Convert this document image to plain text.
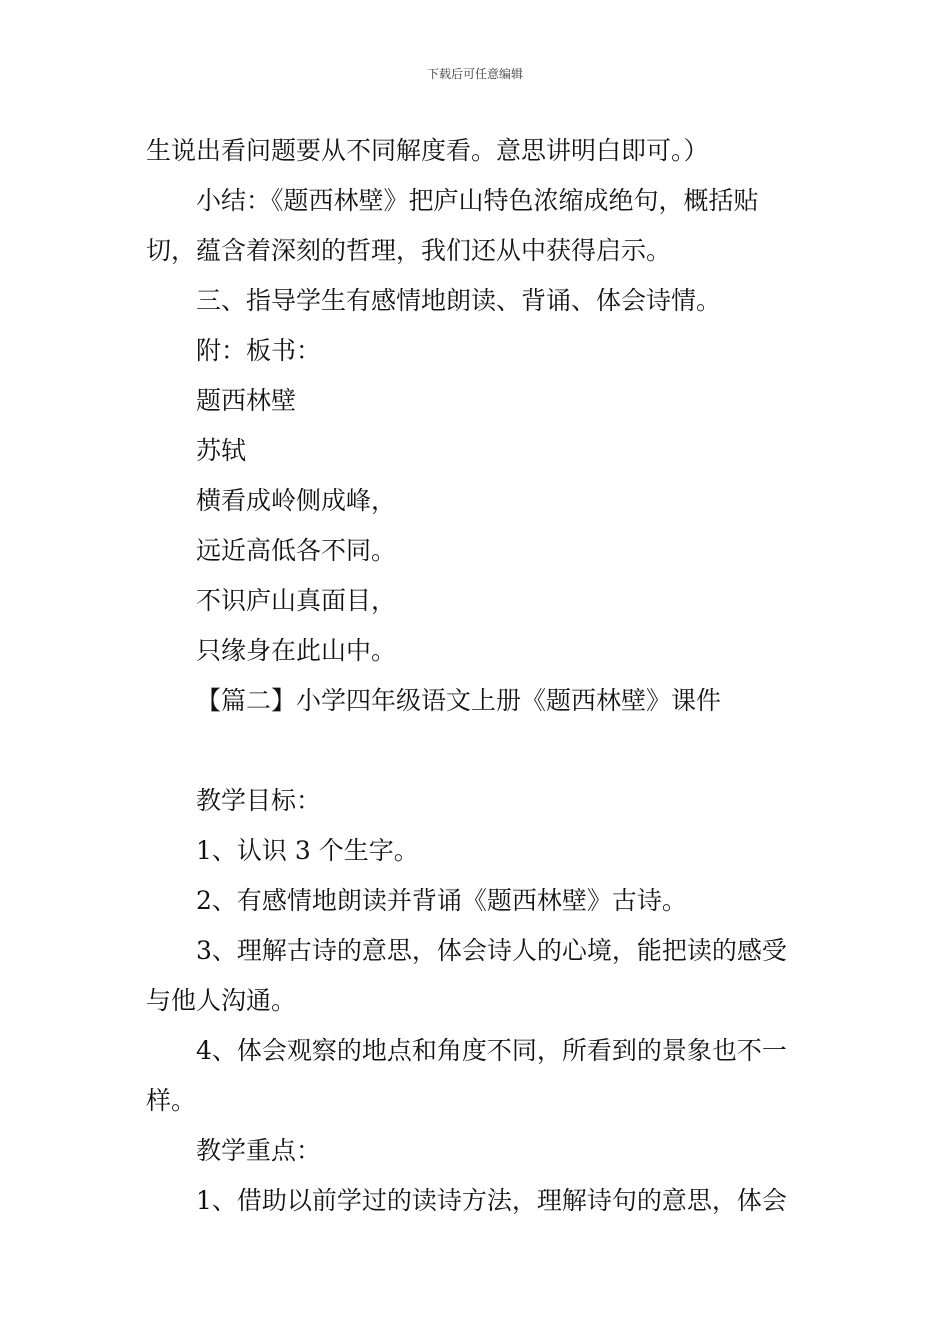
下载后可任意编辑
生说出看问题要从不同解度看。意思讲明白即可。）
小结：《题西林壁》把庐山特色浓缩成绝句，概括贴
切，蕴含着深刻的哲理，我们还从中获得启示。
三、指导学生有感情地朗读、背诵、体会诗情。
附：板书：
题西林壁
苏轼
横看成岭侧成峰，
远近高低各不同。
不识庐山真面目，
只缘身在此山中。
【篇二】小学四年级语文上册《题西林壁》课件
教学目标：
1、认识 3 个生字。
2、有感情地朗读并背诵《题西林壁》古诗。
3、理解古诗的意思，体会诗人的心境，能把读的感受
与他人沟通。
4、体会观察的地点和角度不同，所看到的景象也不一
样。
教学重点：
1、借助以前学过的读诗方法，理解诗句的意思，体会
